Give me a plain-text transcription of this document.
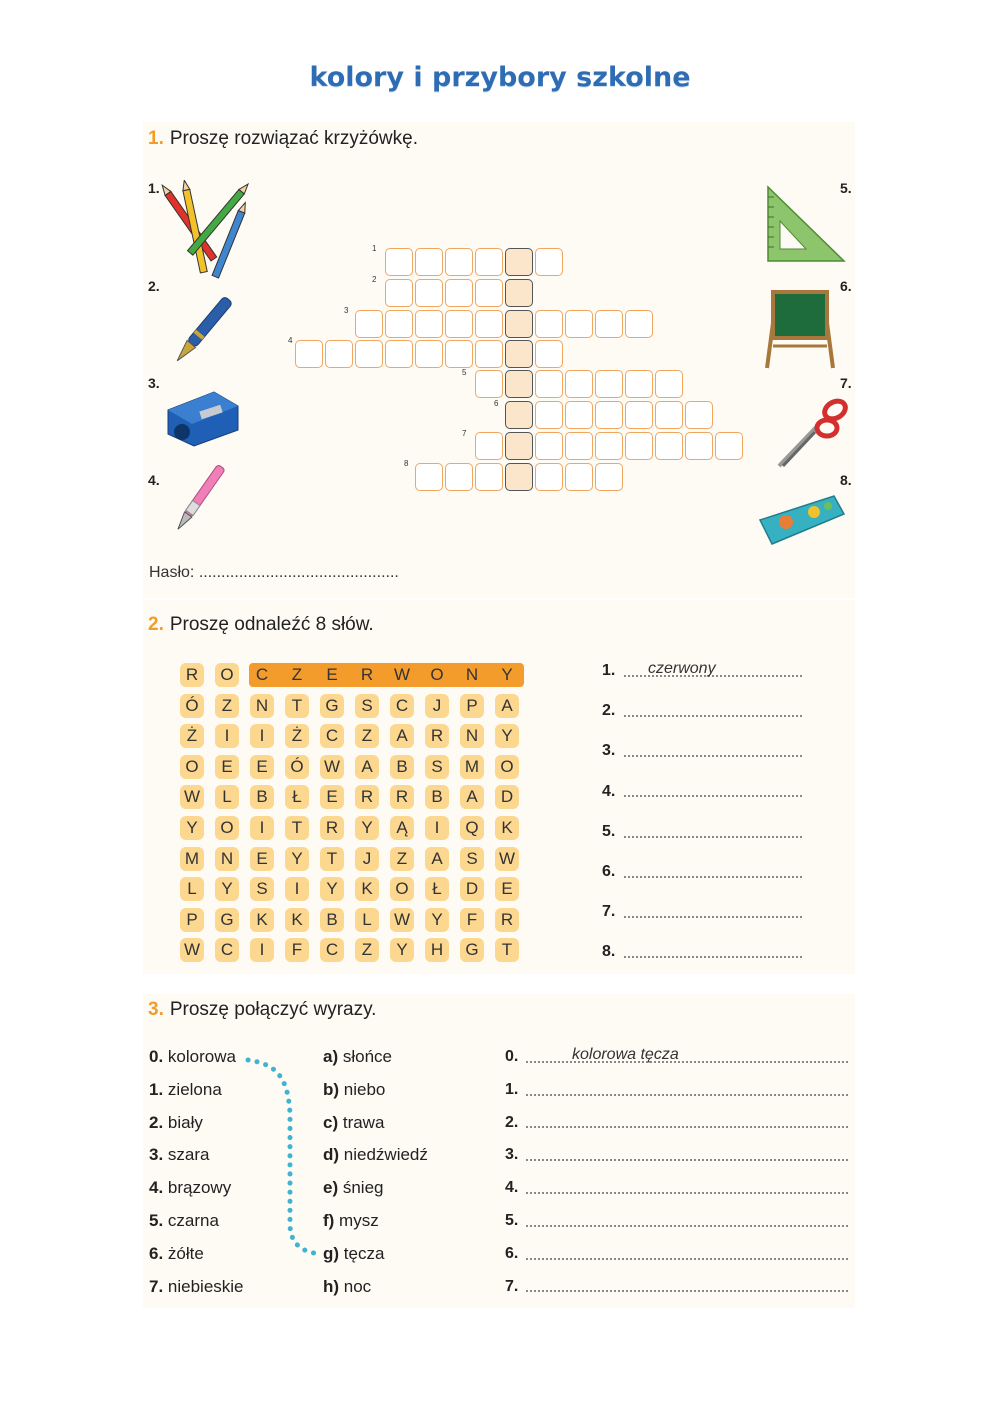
kolory i przybory szkolne
1. Proszę rozwiązać krzyżówkę.
1.
2.
3.
4.
5.
6.
7.
8.
1
2
3
4
5
6
7
8
Hasło: .............................................
2. Proszę odnaleźć 8 słów.
R	O	C	Z	E	R	W	O	N	Y
Ó	Z	N	T	G	S	C	J	P	A
Ż	I	I	Ż	C	Z	A	R	N	Y
O	E	E	Ó	W	A	B	S	M	O
W	L	B	Ł	E	R	R	B	A	D
Y	O	I	T	R	Y	Ą	I	Q	K
M	N	E	Y	T	J	Z	A	S	W
L	Y	S	I	Y	K	O	Ł	D	E
P	G	K	K	B	L	W	Y	F	R
W	C	I	F	C	Z	Y	H	G	T
1.
2.
3.
4.
5.
6.
7.
8.
czerwony
3. Proszę połączyć wyrazy.
0. kolorowa
1. zielona
2. biały
3. szara
4. brązowy
5. czarna
6. żółte
7. niebieskie
a) słońce
b) niebo
c) trawa
d) niedźwiedź
e) śnieg
f) mysz
g) tęcza
h) noc
0.
1.
2.
3.
4.
5.
6.
7.
kolorowa tęcza
